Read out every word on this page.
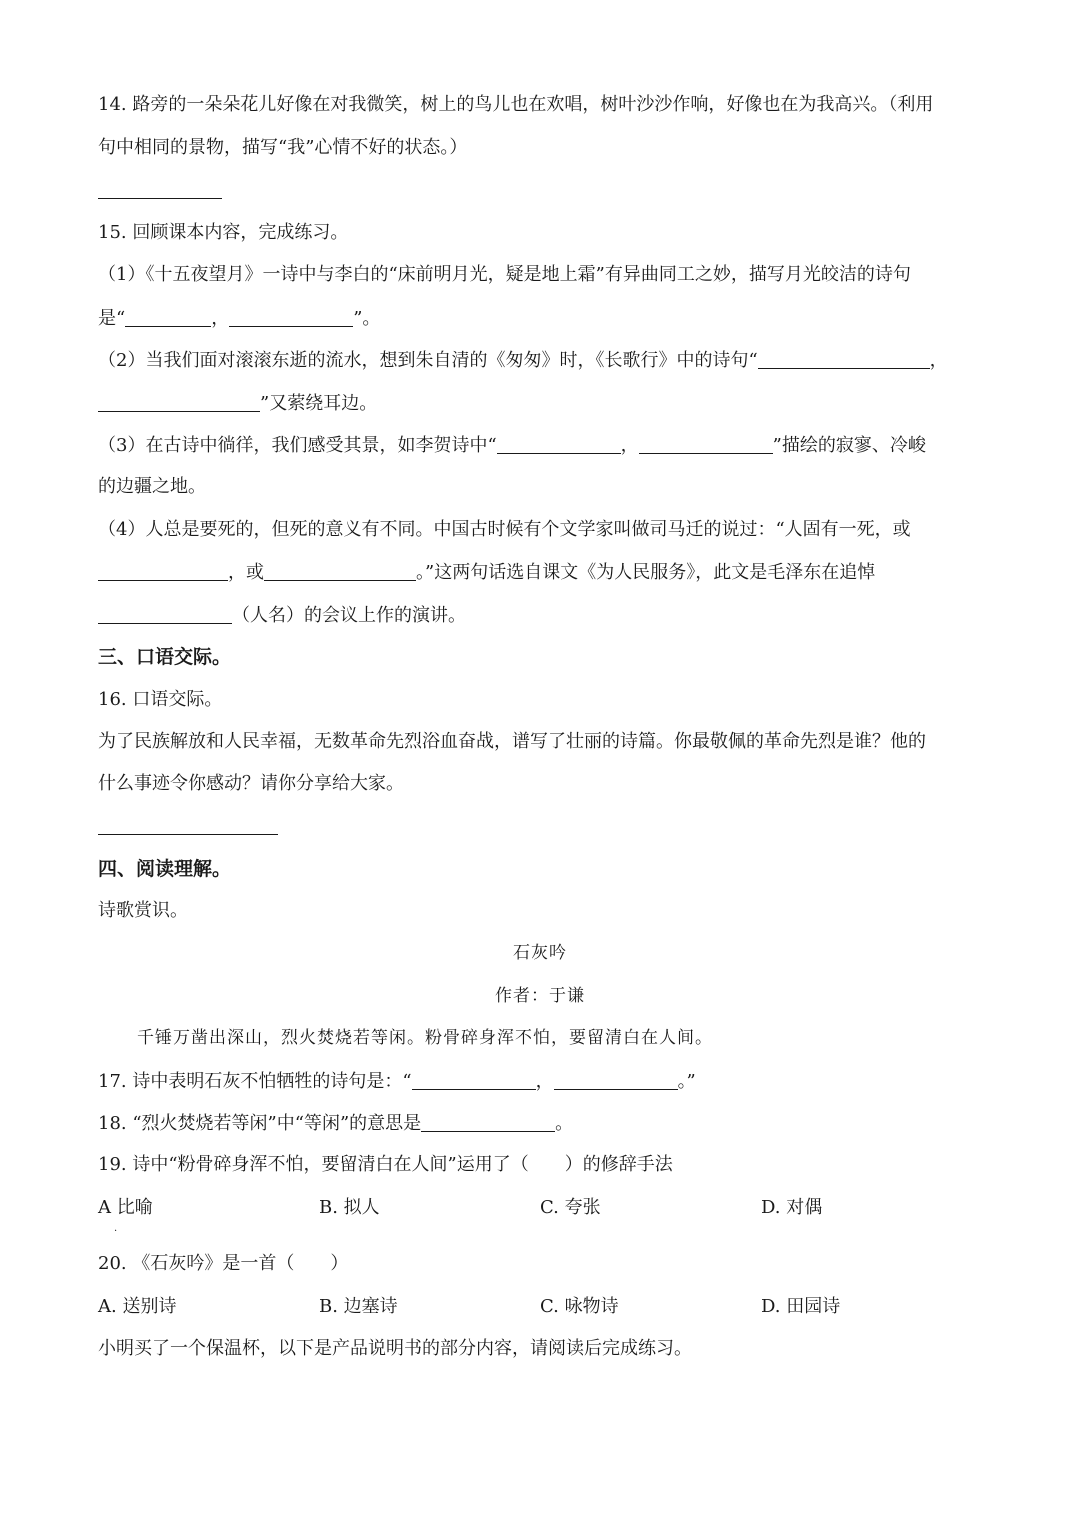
14. 路旁的一朵朵花儿好像在对我微笑，树上的鸟儿也在欢唱，树叶沙沙作响，好像也在为我高兴。（利用
句中相同的景物，描写“我”心情不好的状态。）
15. 回顾课本内容，完成练习。
（1）《十五夜望月》一诗中与李白的“床前明月光，疑是地上霜”有异曲同工之妙，描写月光皎洁的诗句
是“	，	”。
（2）当我们面对滚滚东逝的流水，想到朱自清的《匆匆》时，《长歌行》中的诗句“	，
”又萦绕耳边。
（3）在古诗中徜徉，我们感受其景，如李贺诗中“	，	”描绘的寂寥、冷峻
的边疆之地。
（4）人总是要死的，但死的意义有不同。中国古时候有个文学家叫做司马迁的说过：“人固有一死，或
，或	。”这两句话选自课文《为人民服务》，此文是毛泽东在追悼
（人名）的会议上作的演讲。
三、口语交际。
16. 口语交际。
为了民族解放和人民幸福，无数革命先烈浴血奋战，谱写了壮丽的诗篇。你最敬佩的革命先烈是谁？他的
什么事迹令你感动？请你分享给大家。
四、阅读理解。
诗歌赏识。
石灰吟
作者：于谦
千锤万凿出深山，烈火焚烧若等闲。粉骨碎身浑不怕，要留清白在人间。
17. 诗中表明石灰不怕牺牲的诗句是：“	，	。”
18. “烈火焚烧若等闲”中“等闲”的意思是	。
19. 诗中“粉骨碎身浑不怕，要留清白在人间”运用了（　　）的修辞手法
A 比喻
.
B. 拟人	C. 夸张	D. 对偶
20. 《石灰吟》是一首（　　）
A. 送别诗	B. 边塞诗	C. 咏物诗	D. 田园诗
小明买了一个保温杯，以下是产品说明书的部分内容，请阅读后完成练习。
